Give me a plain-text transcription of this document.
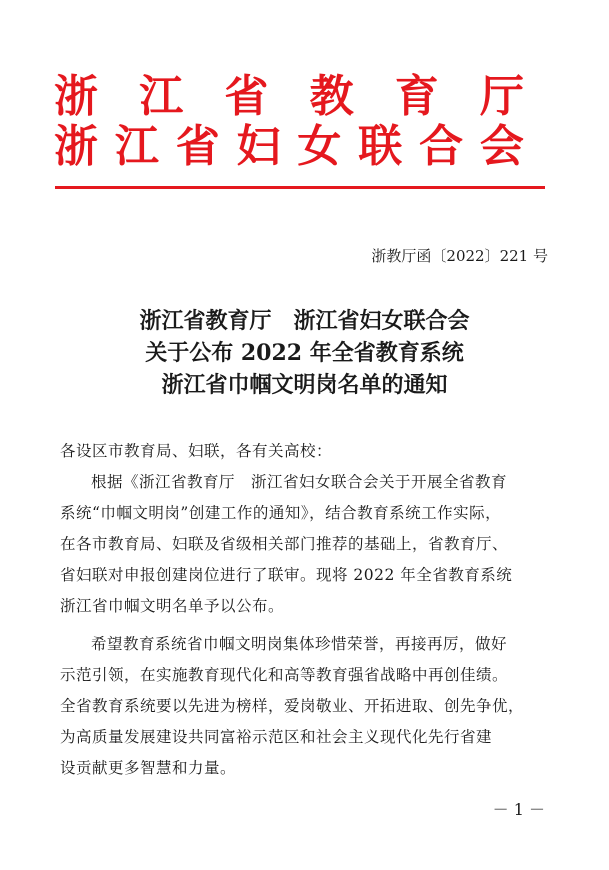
浙 江 省 教 育 厅
浙 江 省 妇 女 联 合 会
浙教厅函〔2022〕221 号
浙江省教育厅　浙江省妇女联合会
关于公布 2022 年全省教育系统
浙江省巾帼文明岗名单的通知
各设区市教育局、妇联，各有关高校：
根据《浙江省教育厅　浙江省妇女联合会关于开展全省教育
系统“巾帼文明岗”创建工作的通知》，结合教育系统工作实际，
在各市教育局、妇联及省级相关部门推荐的基础上，省教育厅、
省妇联对申报创建岗位进行了联审。现将 2022 年全省教育系统
浙江省巾帼文明名单予以公布。
希望教育系统省巾帼文明岗集体珍惜荣誉，再接再厉，做好
示范引领，在实施教育现代化和高等教育强省战略中再创佳绩。
全省教育系统要以先进为榜样，爱岗敬业、开拓进取、创先争优，
为高质量发展建设共同富裕示范区和社会主义现代化先行省建
设贡献更多智慧和力量。
－ 1 －
